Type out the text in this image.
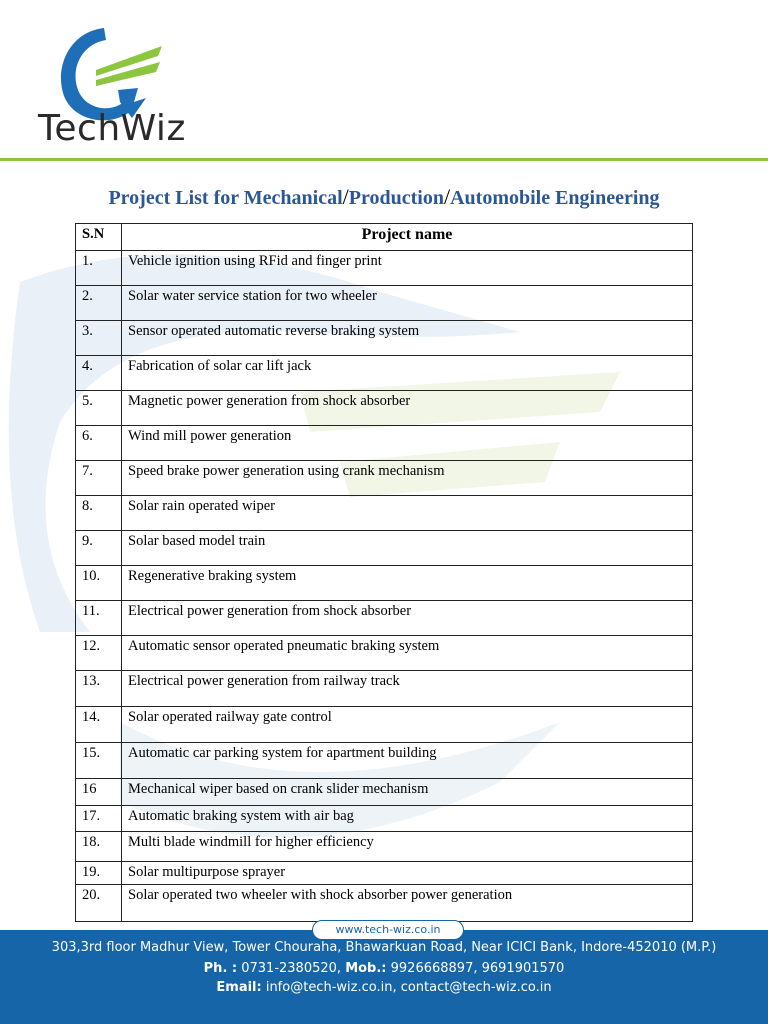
TechWiz
Project List for Mechanical/Production/Automobile Engineering
S.N	Project name
1.	Vehicle ignition using RFid and finger print
2.	Solar water service station for two wheeler
3.	Sensor operated automatic reverse braking system
4.	Fabrication of solar car lift jack
5.	Magnetic power generation from shock absorber
6.	Wind mill power generation
7.	Speed brake power generation using crank mechanism
8.	Solar rain operated wiper
9.	Solar based model train
10.	Regenerative braking system
11.	Electrical power generation from shock absorber
12.	Automatic sensor operated pneumatic braking system
13.	Electrical power generation from railway track
14.	Solar operated railway gate control
15.	Automatic car parking system for apartment building
16	Mechanical wiper based on crank slider mechanism
17.	Automatic braking system with air bag
18.	Multi blade windmill for higher efficiency
19.	Solar multipurpose sprayer
20.	Solar operated two wheeler with shock absorber power generation
303,3rd floor Madhur View, Tower Chouraha, Bhawarkuan Road, Near ICICI Bank, Indore-452010 (M.P.)
Ph. : 0731-2380520, Mob.: 9926668897, 9691901570
Email: info@tech-wiz.co.in, contact@tech-wiz.co.in
www.tech-wiz.co.in
